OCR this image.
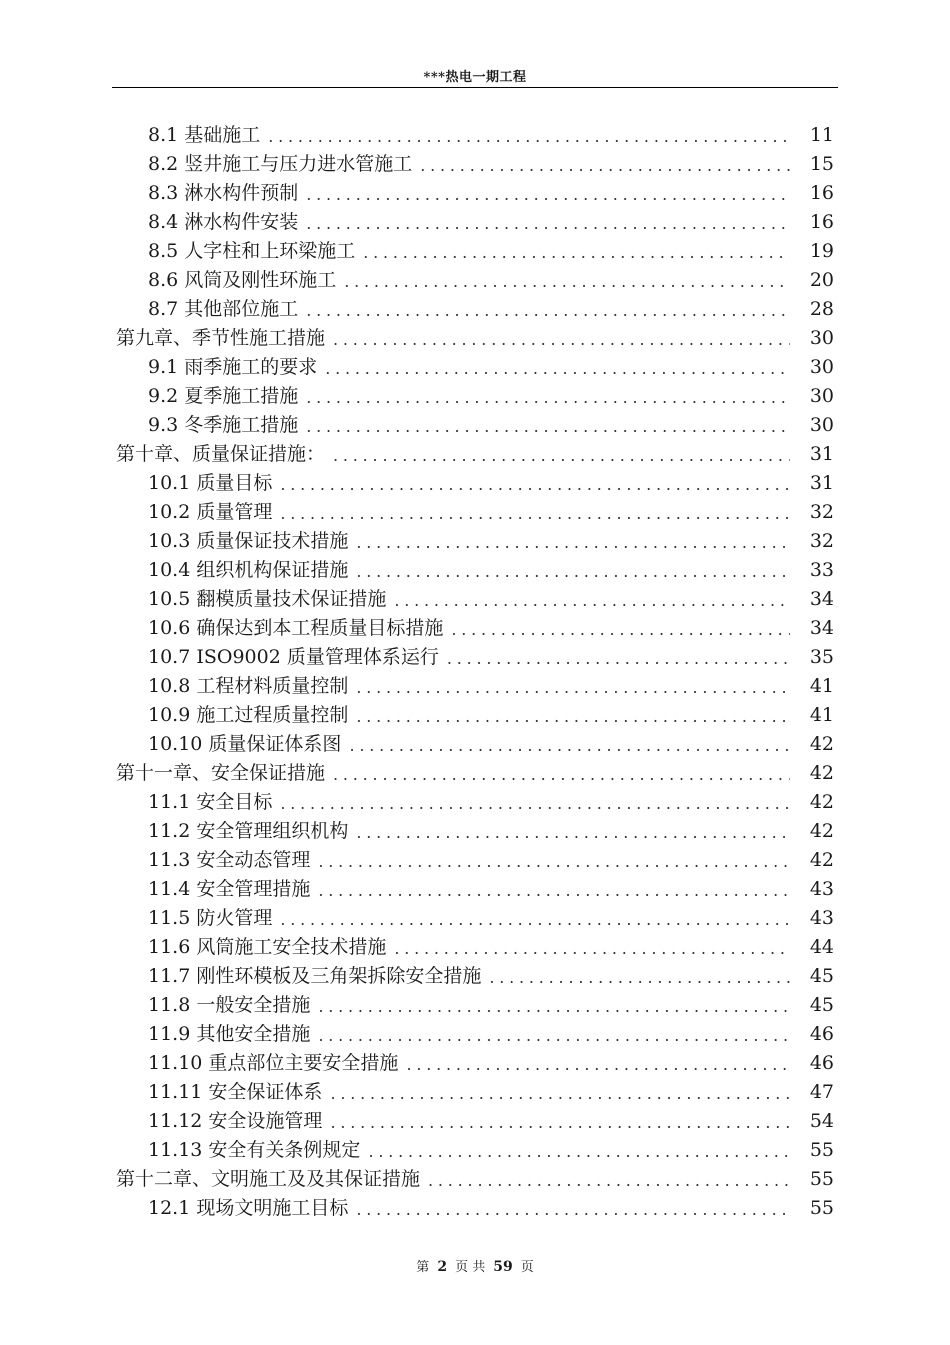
***热电一期工程
8.1 基础施工 .....	11
8.2 竖井施工与压力进水管施工 .....	15
8.3 淋水构件预制 .....	16
8.4 淋水构件安装 .....	16
8.5 人字柱和上环梁施工 .....	19
8.6 风筒及刚性环施工 .....	20
8.7 其他部位施工 .....	28
第九章、季节性施工措施 .....	30
9.1 雨季施工的要求 .....	30
9.2 夏季施工措施 .....	30
9.3 冬季施工措施 .....	30
第十章、质量保证措施： .....	31
10.1 质量目标 .....	31
10.2 质量管理 .....	32
10.3 质量保证技术措施 .....	32
10.4 组织机构保证措施 .....	33
10.5 翻模质量技术保证措施 .....	34
10.6 确保达到本工程质量目标措施 .....	34
10.7 ISO9002 质量管理体系运行 .....	35
10.8 工程材料质量控制 .....	41
10.9 施工过程质量控制 .....	41
10.10 质量保证体系图 .....	42
第十一章、安全保证措施 .....	42
11.1 安全目标 .....	42
11.2 安全管理组织机构 .....	42
11.3 安全动态管理 .....	42
11.4 安全管理措施 .....	43
11.5 防火管理 .....	43
11.6 风筒施工安全技术措施 .....	44
11.7 刚性环模板及三角架拆除安全措施 .....	45
11.8 一般安全措施 .....	45
11.9 其他安全措施 .....	46
11.10 重点部位主要安全措施 .....	46
11.11 安全保证体系 .....	47
11.12 安全设施管理 .....	54
11.13 安全有关条例规定 .....	55
第十二章、文明施工及及其保证措施 .....	55
12.1 现场文明施工目标 .....	55
第 2 页 共 59 页
